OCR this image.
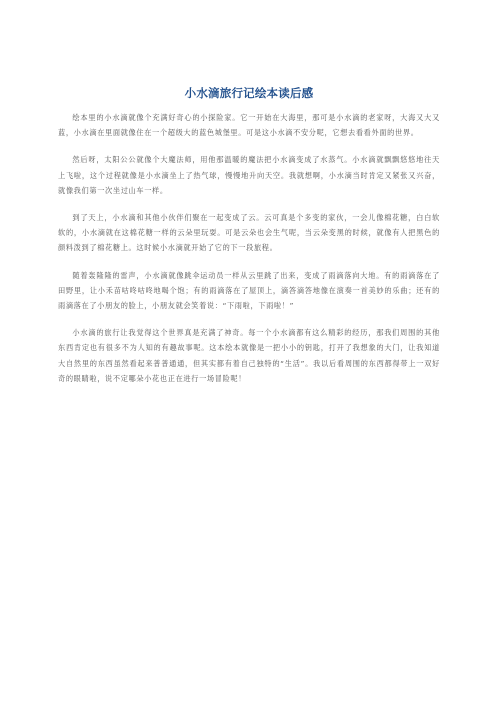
小水滴旅行记绘本读后感

绘本里的小水滴就像个充满好奇心的小探险家。它一开始在大海里，那可是小水滴的老家呀，大海又大又蓝，小水滴在里面就像住在一个超级大的蓝色城堡里。可是这小水滴不安分呢，它想去看看外面的世界。

然后呀，太阳公公就像个大魔法师，用他那温暖的魔法把小水滴变成了水蒸气。小水滴就飘飘悠悠地往天上飞啦，这个过程就像是小水滴坐上了热气球，慢慢地升向天空。我就想啊，小水滴当时肯定又紧张又兴奋，就像我们第一次坐过山车一样。

到了天上，小水滴和其他小伙伴们聚在一起变成了云。云可真是个多变的家伙，一会儿像棉花糖，白白软软的，小水滴就在这棉花糖一样的云朵里玩耍。可是云朵也会生气呢，当云朵变黑的时候，就像有人把黑色的颜料泼到了棉花糖上。这时候小水滴就开始了它的下一段旅程。

随着轰隆隆的雷声，小水滴就像跳伞运动员一样从云里跳了出来，变成了雨滴落向大地。有的雨滴落在了田野里，让小禾苗咕咚咕咚地喝个饱；有的雨滴落在了屋顶上，滴答滴答地像在演奏一首美妙的乐曲；还有的雨滴落在了小朋友的脸上，小朋友就会笑着说：“下雨啦，下雨啦！”

小水滴的旅行让我觉得这个世界真是充满了神奇。每一个小水滴都有这么精彩的经历，那我们周围的其他东西肯定也有很多不为人知的有趣故事呢。这本绘本就像是一把小小的钥匙，打开了我想象的大门，让我知道大自然里的东西虽然看起来普普通通，但其实都有着自己独特的“生活”。我以后看周围的东西都得带上一双好奇的眼睛啦，说不定哪朵小花也正在进行一场冒险呢！
